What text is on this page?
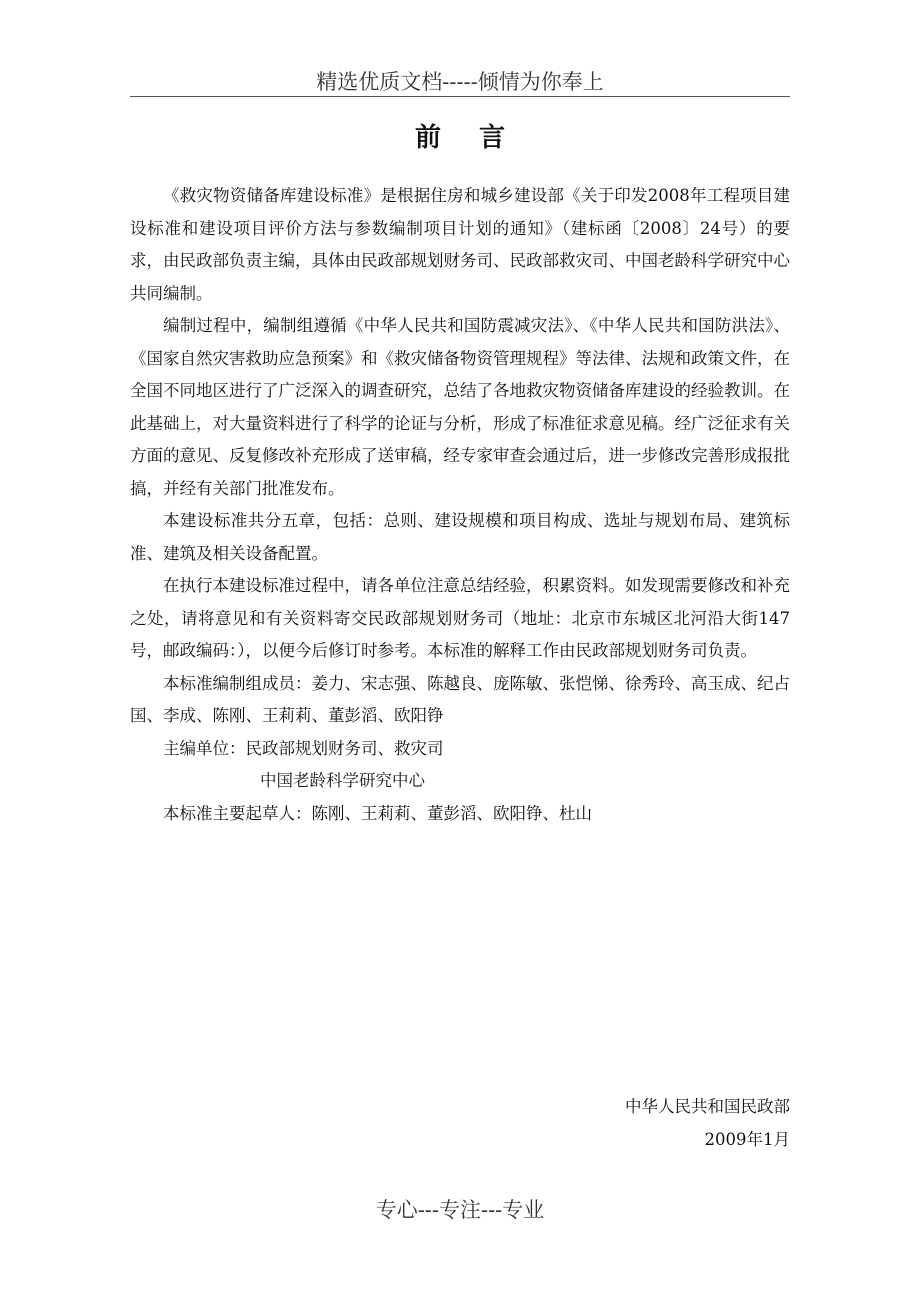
精选优质文档-----倾情为你奉上
前言

《救灾物资储备库建设标准》是根据住房和城乡建设部《关于印发2008年工程项目建设标准和建设项目评价方法与参数编制项目计划的通知》（建标函〔2008〕24号）的要求，由民政部负责主编，具体由民政部规划财务司、民政部救灾司、中国老龄科学研究中心共同编制。

编制过程中，编制组遵循《中华人民共和国防震减灾法》、《中华人民共和国防洪法》、《国家自然灾害救助应急预案》和《救灾储备物资管理规程》等法律、法规和政策文件，在全国不同地区进行了广泛深入的调查研究，总结了各地救灾物资储备库建设的经验教训。在此基础上，对大量资料进行了科学的论证与分析，形成了标准征求意见稿。经广泛征求有关方面的意见、反复修改补充形成了送审稿，经专家审查会通过后，进一步修改完善形成报批搞，并经有关部门批准发布。

本建设标准共分五章，包括：总则、建设规模和项目构成、选址与规划布局、建筑标准、建筑及相关设备配置。

在执行本建设标准过程中，请各单位注意总结经验，积累资料。如发现需要修改和补充之处，请将意见和有关资料寄交民政部规划财务司（地址：北京市东城区北河沿大街147号，邮政编码：），以便今后修订时参考。本标准的解释工作由民政部规划财务司负责。

本标准编制组成员：姜力、宋志强、陈越良、庞陈敏、张恺悌、徐秀玲、高玉成、纪占国、李成、陈刚、王莉莉、董彭滔、欧阳铮

主编单位：民政部规划财务司、救灾司

中国老龄科学研究中心

本标准主要起草人：陈刚、王莉莉、董彭滔、欧阳铮、杜山

中华人民共和国民政部
2009年1月
专心---专注---专业
